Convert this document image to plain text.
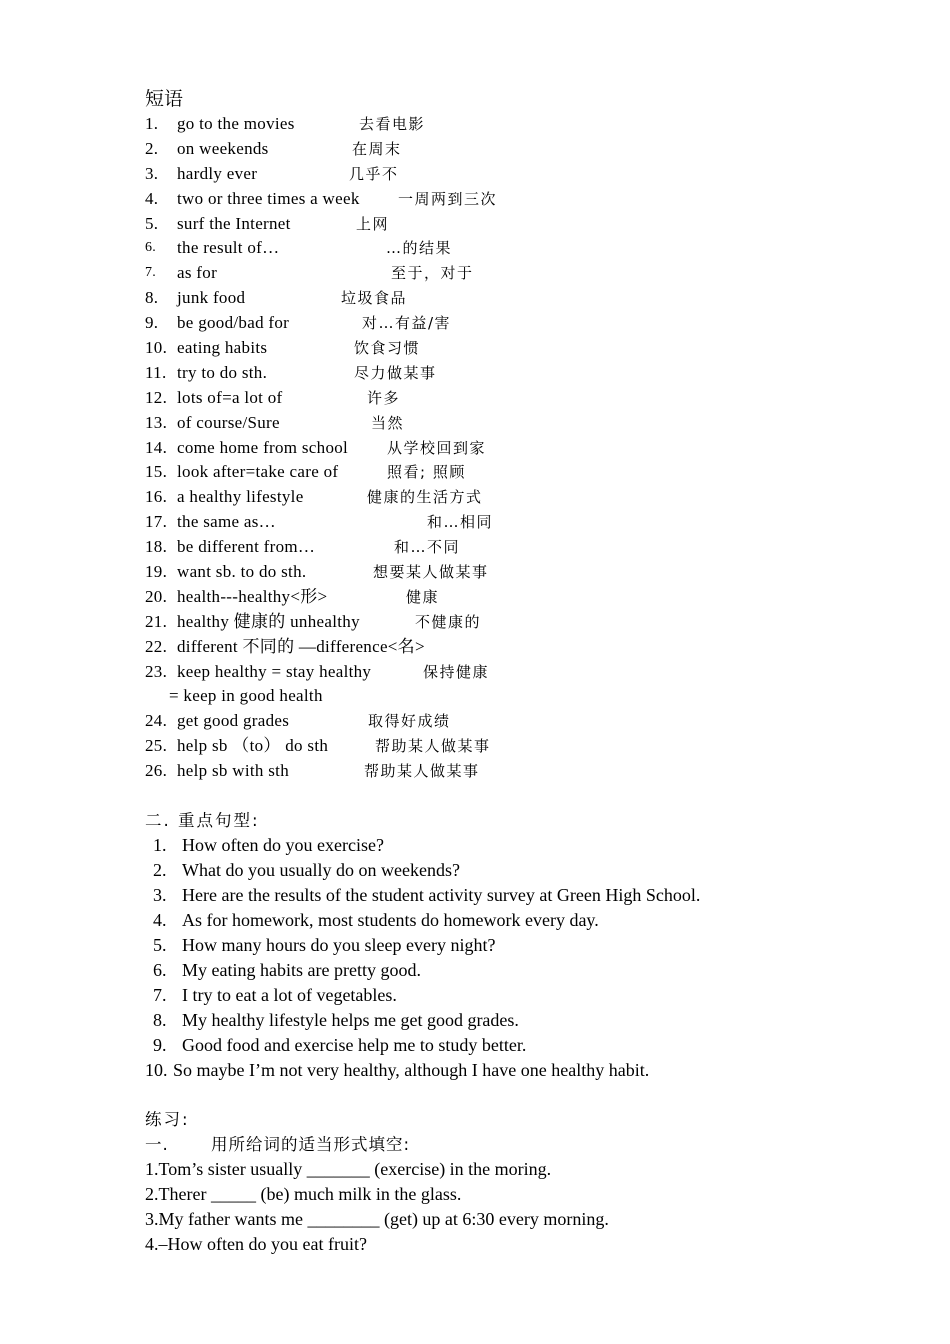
短语
1. go to the movies	去看电影
2. on weekends	在周末
3. hardly ever	几乎不
4. two or three times a week	一周两到三次
5. surf the Internet	上网
6. the result of…	…的结果
7. as for	至于，对于
8. junk food	垃圾食品
9. be good/bad for	对…有益/害
10. eating habits	饮食习惯
11. try to do sth.	尽力做某事
12. lots of=a lot of	许多
13. of course/Sure	当然
14. come home from school	从学校回到家
15. look after=take care of	照看; 照顾
16. a healthy lifestyle	健康的生活方式
17. the same as…	和…相同
18. be different from…	和…不同
19. want sb. to do sth.	想要某人做某事
20. health---healthy<形>	健康
21. healthy 健康的 unhealthy	不健康的
22. different 不同的 —difference<名>
23. keep healthy = stay healthy	保持健康
= keep in good health
24. get good grades	取得好成绩
25. help sb （to） do sth	帮助某人做某事
26. help sb with sth	帮助某人做某事
二. 重点句型:
1. How often do you exercise?
2. What do you usually do on weekends?
3. Here are the results of the student activity survey at Green High School.
4. As for homework, most students do homework every day.
5. How many hours do you sleep every night?
6. My eating habits are pretty good.
7. I try to eat a lot of vegetables.
8. My healthy lifestyle helps me get good grades.
9. Good food and exercise help me to study better.
10. So maybe I’m not very healthy, although I have one healthy habit.
练习:
一.	用所给词的适当形式填空:
1.Tom’s sister usually _______ (exercise) in the moring.
2.Therer _____ (be) much milk in the glass.
3.My father wants me ________ (get) up at 6:30 every morning.
4.–How often do you eat fruit?
